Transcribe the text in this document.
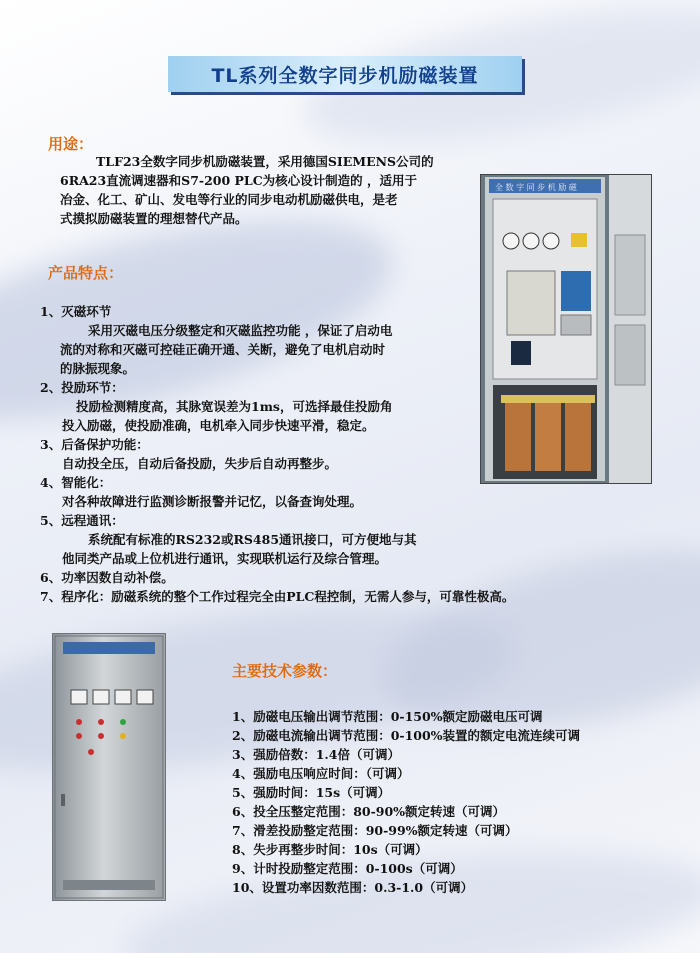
TL系列全数字同步机励磁装置
用途：
TLF23全数字同步机励磁装置，采用德国SIEMENS公司的
6RA23直流调速器和S7-200 PLC为核心设计制造的 ，适用于
冶金、化工、矿山、发电等行业的同步电动机励磁供电，是老
式摸拟励磁装置的理想替代产品。
产品特点：
1、灭磁环节
采用灭磁电压分级整定和灭磁监控功能 ，保证了启动电
流的对称和灭磁可控硅正确开通、关断，避免了电机启动时
的脉振现象。
2、投励环节：
投励检测精度高，其脉宽误差为1ms，可选择最佳投励角
投入励磁，使投励准确，电机牵入同步快速平滑，稳定。
3、后备保护功能：
自动投全压，自动后备投励，失步后自动再整步。
4、智能化：
对各种故障进行监测诊断报警并记忆，以备查询处理。
5、远程通讯：
系统配有标准的RS232或RS485通讯接口，可方便地与其
他同类产品或上位机进行通讯，实现联机运行及综合管理。
6、功率因数自动补偿。
7、程序化：励磁系统的整个工作过程完全由PLC程控制，无需人参与，可靠性极高。
全 数 字 同 步 机 励 磁
主要技术参数：
1、励磁电压输出调节范围：0-150%额定励磁电压可调
2、励磁电流输出调节范围：0-100%装置的额定电流连续可调
3、强励倍数：1.4倍（可调）
4、强励电压响应时间：（可调）
5、强励时间：15s（可调）
6、投全压整定范围：80-90%额定转速（可调）
7、滑差投励整定范围：90-99%额定转速（可调）
8、失步再整步时间：10s（可调）
9、计时投励整定范围：0-100s（可调）
10、设置功率因数范围：0.3-1.0（可调）
